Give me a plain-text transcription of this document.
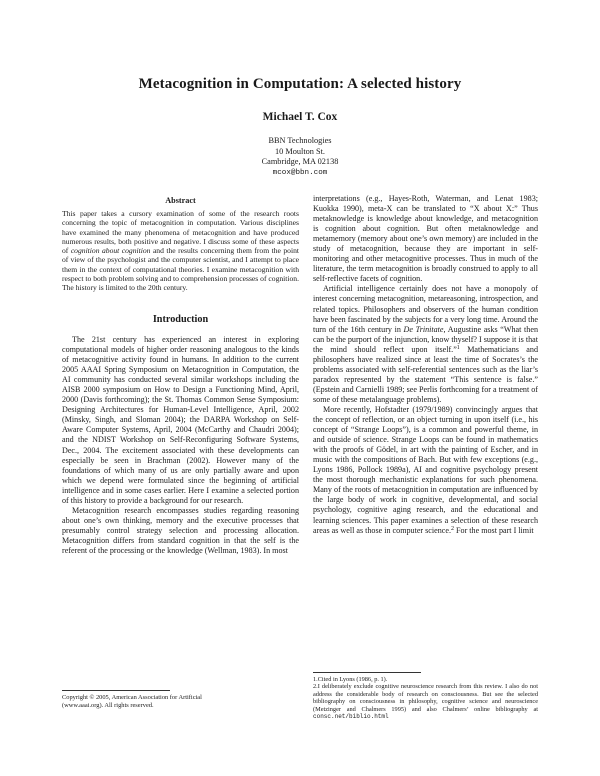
Metacognition in Computation: A selected history
Michael T. Cox
BBN Technologies
10 Moulton St.
Cambridge, MA 02138
mcox@bbn.com
Abstract

This paper takes a cursory examination of some of the research roots concerning the topic of metacognition in computation. Various disciplines have examined the many phenomena of metacognition and have produced numerous results, both positive and negative. I discuss some of these aspects of cognition about cognition and the results concerning them from the point of view of the psychologist and the computer scientist, and I attempt to place them in the context of computational theories. I examine metacognition with respect to both problem solving and to comprehension processes of cognition. The history is limited to the 20th century.

Introduction

The 21st century has experienced an interest in exploring computational models of higher order reasoning analogous to the kinds of metacognitive activity found in humans. In addition to the current 2005 AAAI Spring Symposium on Metacognition in Computation, the AI community has conducted several similar workshops including the AISB 2000 symposium on How to Design a Functioning Mind, April, 2000 (Davis forthcoming); the St. Thomas Common Sense Symposium: Designing Architectures for Human-Level Intelligence, April, 2002 (Minsky, Singh, and Sloman 2004); the DARPA Workshop on Self-Aware Computer Systems, April, 2004 (McCarthy and Chaudri 2004); and the NDIST Workshop on Self-Reconfiguring Software Systems, Dec., 2004. The excitement associated with these developments can especially be seen in Brachman (2002). However many of the foundations of which many of us are only partially aware and upon which we depend were formulated since the beginning of artificial intelligence and in some cases earlier. Here I examine a selected portion of this history to provide a background for our research.

Metacognition research encompasses studies regarding reasoning about one’s own thinking, memory and the executive processes that presumably control strategy selection and processing allocation. Metacognition differs from standard cognition in that the self is the referent of the processing or the knowledge (Wellman, 1983). In most

interpretations (e.g., Hayes-Roth, Waterman, and Lenat 1983; Kuokka 1990), meta-X can be translated to “X about X:” Thus metaknowledge is knowledge about knowledge, and metacognition is cognition about cognition. But often metaknowledge and metamemory (memory about one’s own memory) are included in the study of metacognition, because they are important in self-monitoring and other metacognitive processes. Thus in much of the literature, the term metacognition is broadly construed to apply to all self-reflective facets of cognition.

Artificial intelligence certainly does not have a monopoly of interest concerning metacognition, metareasoning, introspection, and related topics. Philosophers and observers of the human condition have been fascinated by the subjects for a very long time. Around the turn of the 16th century in De Trinitate, Augustine asks “What then can be the purport of the injunction, know thyself? I suppose it is that the mind should reflect upon itself.”$^1$ Mathematicians and philosophers have realized since at least the time of Socrates’s the problems associated with self-referential sentences such as the liar’s paradox represented by the statement “This sentence is false.” (Epstein and Carnielli 1989; see Perlis forthcoming for a treatment of some of these metalanguage problems).

More recently, Hofstadter (1979/1989) convincingly argues that the concept of reflection, or an object turning in upon itself (i.e., his concept of “Strange Loops”), is a common and powerful theme, in and outside of science. Strange Loops can be found in mathematics with the proofs of Gödel, in art with the painting of Escher, and in music with the compositions of Bach. But with few exceptions (e.g., Lyons 1986, Pollock 1989a), AI and cognitive psychology present the most thorough mechanistic explanations for such phenomena. Many of the roots of metacognition in computation are influenced by the large body of work in cognitive, developmental, and social psychology, cognitive aging research, and the educational and learning sciences. This paper examines a selection of these research areas as well as those in computer science.$^2$ For the most part I limit

Copyright © 2005, American Association for Artificial
(www.aaai.org). All rights reserved.

1.Cited in Lyons (1986, p. 1).

2.I deliberately exclude cognitive neuroscience research from this review. I also do not address the considerable body of research on consciousness. But see the selected bibliography on consciousness in philosophy, cognitive science and neuroscience (Metzinger and Chalmers 1995) and also Chalmers’ online bibliography at consc.net/biblio.html
